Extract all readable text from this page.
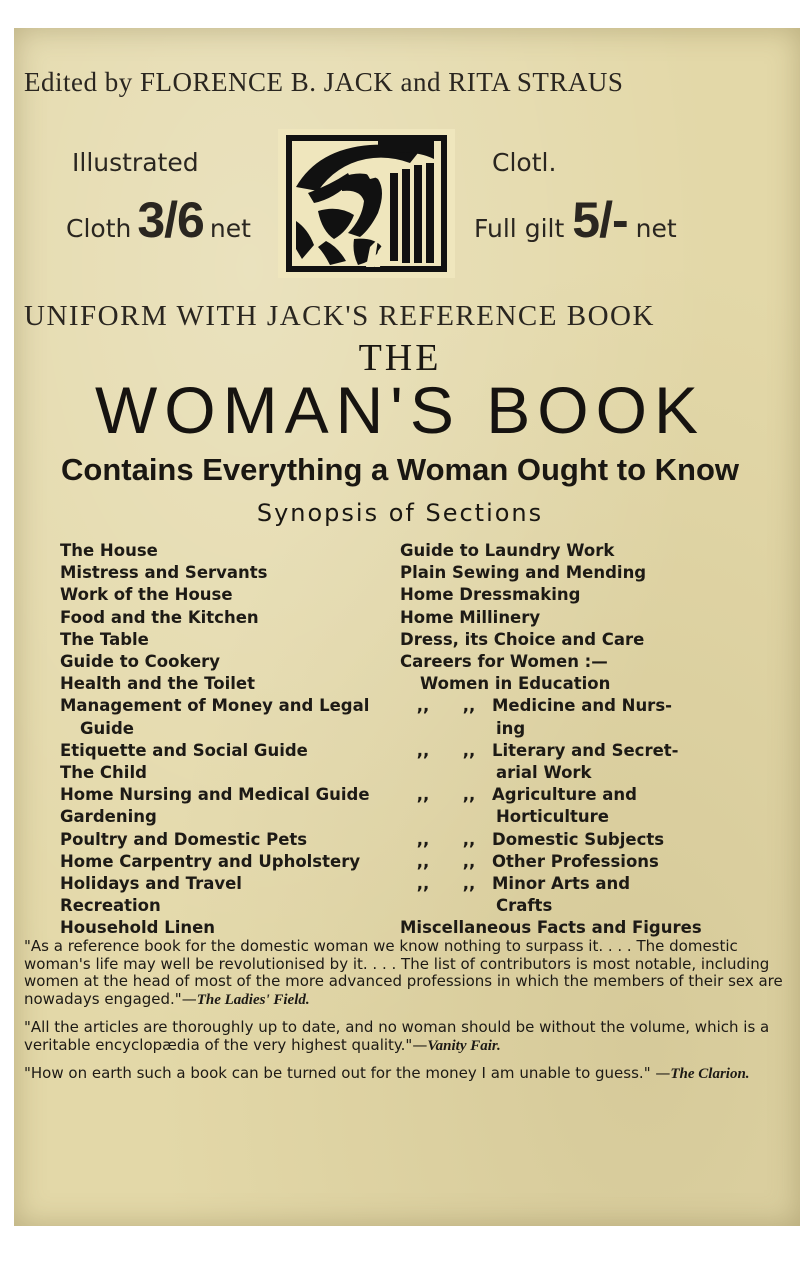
Edited by FLORENCE B. JACK and RITA STRAUS
Illustrated
Cloth 3/6 net
Clotl.
Full gilt 5/- net
UNIFORM WITH JACK'S REFERENCE BOOK
THE
WOMAN'S BOOK
Contains Everything a Woman Ought to Know
Synopsis of Sections
The House
Mistress and Servants
Work of the House
Food and the Kitchen
The Table
Guide to Cookery
Health and the Toilet
Management of Money and Legal
Guide
Etiquette and Social Guide
The Child
Home Nursing and Medical Guide
Gardening
Poultry and Domestic Pets
Home Carpentry and Upholstery
Holidays and Travel
Recreation
Household Linen
Guide to Laundry Work
Plain Sewing and Mending
Home Dressmaking
Home Millinery
Dress, its Choice and Care
Careers for Women :—
Women in Education
,, ,, Medicine and Nurs-
ing
,, ,, Literary and Secret-
arial Work
,, ,, Agriculture and
Horticulture
,, ,, Domestic Subjects
,, ,, Other Professions
,, ,, Minor Arts and
Crafts
Miscellaneous Facts and Figures

"As a reference book for the domestic woman we know nothing to surpass it. . . . The domestic woman's life may well be revolutionised by it. . . . The list of contributors is most notable, including women at the head of most of the more advanced professions in which the members of their sex are nowadays engaged."—The Ladies' Field.

"All the articles are thoroughly up to date, and no woman should be without the volume, which is a veritable encyclopædia of the very highest quality."—Vanity Fair.

"How on earth such a book can be turned out for the money I am unable to guess." —The Clarion.
